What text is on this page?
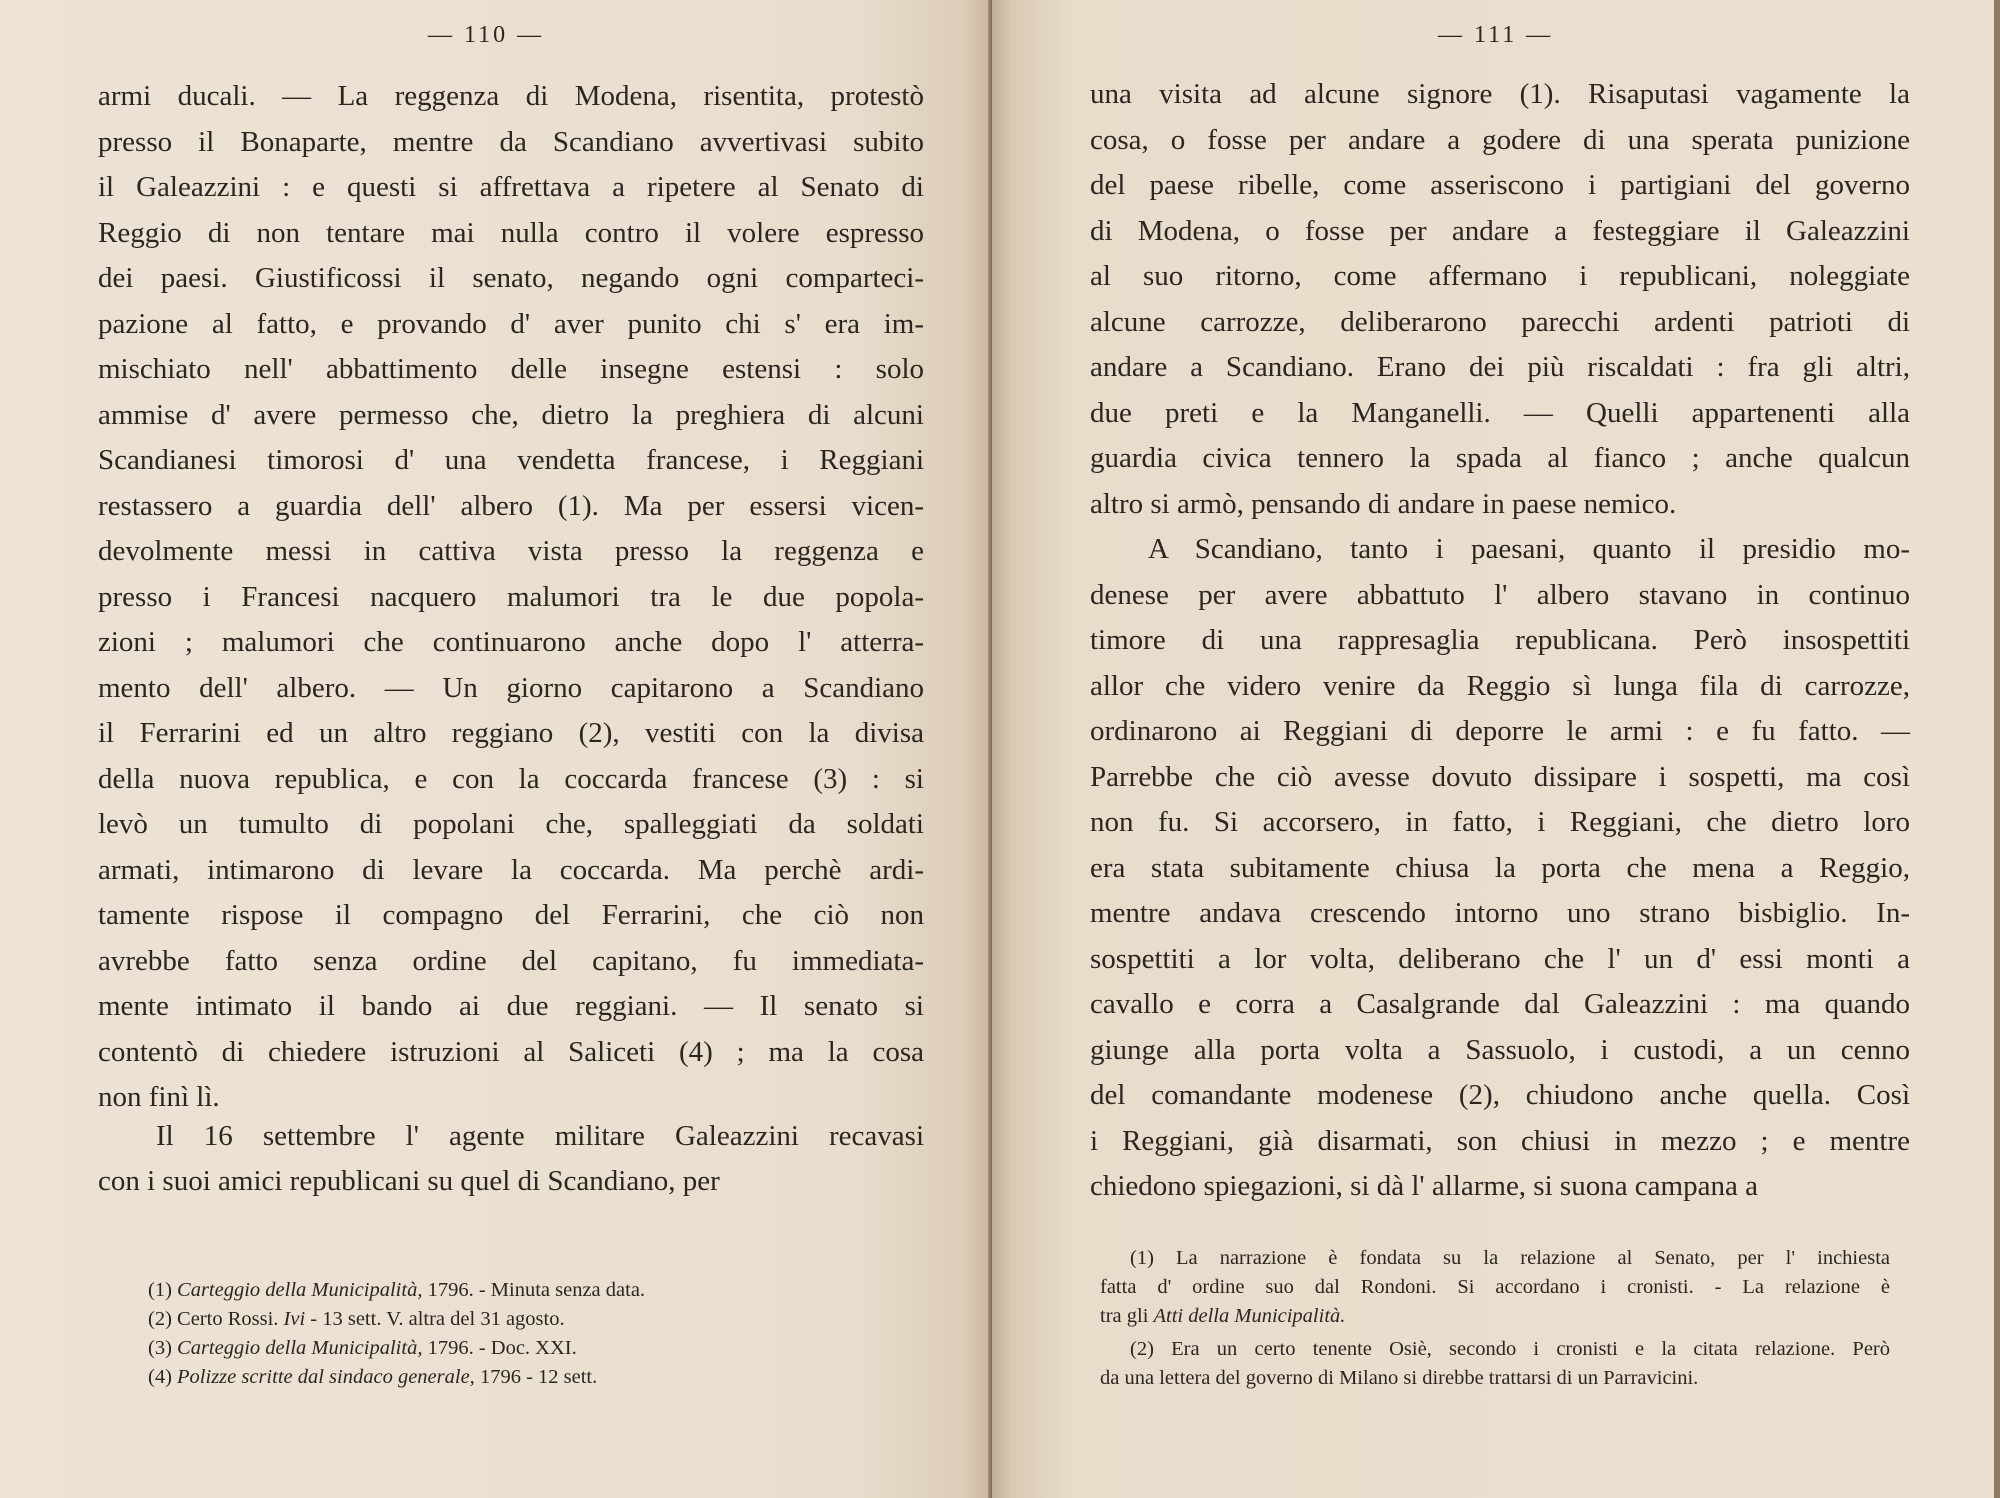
— 110 —
armi ducali. — La reggenza di Modena, risentita, protestò
presso il Bonaparte, mentre da Scandiano avvertivasi subito
il Galeazzini : e questi si affrettava a ripetere al Senato di
Reggio di non tentare mai nulla contro il volere espresso
dei paesi. Giustificossi il senato, negando ogni comparteci-
pazione al fatto, e provando d' aver punito chi s' era im-
mischiato nell' abbattimento delle insegne estensi : solo
ammise d' avere permesso che, dietro la preghiera di alcuni
Scandianesi timorosi d' una vendetta francese, i Reggiani
restassero a guardia dell' albero (1). Ma per essersi vicen-
devolmente messi in cattiva vista presso la reggenza e
presso i Francesi nacquero malumori tra le due popola-
zioni ; malumori che continuarono anche dopo l' atterra-
mento dell' albero. — Un giorno capitarono a Scandiano
il Ferrarini ed un altro reggiano (2), vestiti con la divisa
della nuova republica, e con la coccarda francese (3) : si
levò un tumulto di popolani che, spalleggiati da soldati
armati, intimarono di levare la coccarda. Ma perchè ardi-
tamente rispose il compagno del Ferrarini, che ciò non
avrebbe fatto senza ordine del capitano, fu immediata-
mente intimato il bando ai due reggiani. — Il senato si
contentò di chiedere istruzioni al Saliceti (4) ; ma la cosa
non finì lì.
Il 16 settembre l' agente militare Galeazzini recavasi
con i suoi amici republicani su quel di Scandiano, per
(1) Carteggio della Municipalità, 1796. - Minuta senza data.
(2) Certo Rossi. Ivi - 13 sett. V. altra del 31 agosto.
(3) Carteggio della Municipalità, 1796. - Doc. XXI.
(4) Polizze scritte dal sindaco generale, 1796 - 12 sett.
— 111 —
una visita ad alcune signore (1). Risaputasi vagamente la
cosa, o fosse per andare a godere di una sperata punizione
del paese ribelle, come asseriscono i partigiani del governo
di Modena, o fosse per andare a festeggiare il Galeazzini
al suo ritorno, come affermano i republicani, noleggiate
alcune carrozze, deliberarono parecchi ardenti patrioti di
andare a Scandiano. Erano dei più riscaldati : fra gli altri,
due preti e la Manganelli. — Quelli appartenenti alla
guardia civica tennero la spada al fianco ; anche qualcun
altro si armò, pensando di andare in paese nemico.
A Scandiano, tanto i paesani, quanto il presidio mo-
denese per avere abbattuto l' albero stavano in continuo
timore di una rappresaglia republicana. Però insospettiti
allor che videro venire da Reggio sì lunga fila di carrozze,
ordinarono ai Reggiani di deporre le armi : e fu fatto. —
Parrebbe che ciò avesse dovuto dissipare i sospetti, ma così
non fu. Si accorsero, in fatto, i Reggiani, che dietro loro
era stata subitamente chiusa la porta che mena a Reggio,
mentre andava crescendo intorno uno strano bisbiglio. In-
sospettiti a lor volta, deliberano che l' un d' essi monti a
cavallo e corra a Casalgrande dal Galeazzini : ma quando
giunge alla porta volta a Sassuolo, i custodi, a un cenno
del comandante modenese (2), chiudono anche quella. Così
i Reggiani, già disarmati, son chiusi in mezzo ; e mentre
chiedono spiegazioni, si dà l' allarme, si suona campana a
(1) La narrazione è fondata su la relazione al Senato, per l' inchiesta
fatta d' ordine suo dal Rondoni. Si accordano i cronisti. - La relazione è
tra gli Atti della Municipalità.
(2) Era un certo tenente Osiè, secondo i cronisti e la citata relazione. Però
da una lettera del governo di Milano si direbbe trattarsi di un Parravicini.
